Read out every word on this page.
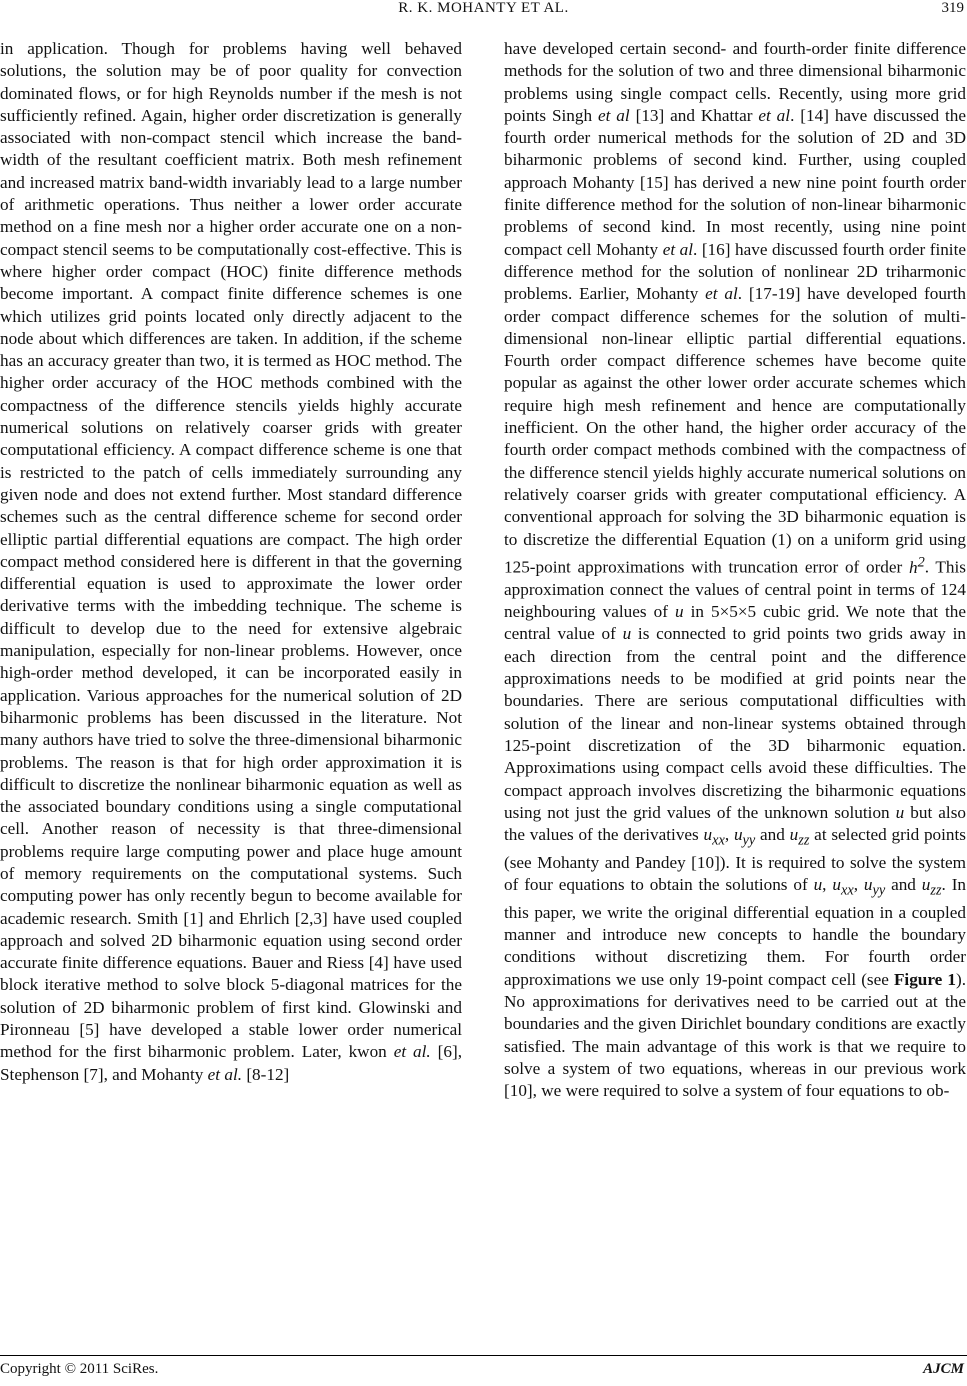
R. K. MOHANTY ET AL.	319

in application. Though for problems having well behaved solutions, the solution may be of poor quality for convection dominated flows, or for high Reynolds number if the mesh is not sufficiently refined. Again, higher order discretization is generally associated with non-compact stencil which increase the band-width of the resultant coefficient matrix. Both mesh refinement and increased matrix band-width invariably lead to a large number of arithmetic operations. Thus neither a lower order accurate method on a fine mesh nor a higher order accurate one on a non-compact stencil seems to be computationally cost-effective. This is where higher order compact (HOC) finite difference methods become important. A compact finite difference schemes is one which utilizes grid points located only directly adjacent to the node about which differences are taken. In addition, if the scheme has an accuracy greater than two, it is termed as HOC method. The higher order accuracy of the HOC methods combined with the compactness of the difference stencils yields highly accurate numerical solutions on relatively coarser grids with greater computational efficiency. A compact difference scheme is one that is restricted to the patch of cells immediately surrounding any given node and does not extend further. Most standard difference schemes such as the central difference scheme for second order elliptic partial differential equations are compact. The high order compact method considered here is different in that the governing differential equation is used to approximate the lower order derivative terms with the imbedding technique. The scheme is difficult to develop due to the need for extensive algebraic manipulation, especially for non-linear problems. However, once high-order method developed, it can be incorporated easily in application. Various approaches for the numerical solution of 2D biharmonic problems has been discussed in the literature. Not many authors have tried to solve the three-dimensional biharmonic problems. The reason is that for high order approximation it is difficult to discretize the nonlinear biharmonic equation as well as the associated boundary conditions using a single computational cell. Another reason of necessity is that three-dimensional problems require large computing power and place huge amount of memory requirements on the computational systems. Such computing power has only recently begun to become available for academic research. Smith [1] and Ehrlich [2,3] have used coupled approach and solved 2D biharmonic equation using second order accurate finite difference equations. Bauer and Riess [4] have used block iterative method to solve block 5-diagonal matrices for the solution of 2D biharmonic problem of first kind. Glowinski and Pironneau [5] have developed a stable lower order numerical method for the first biharmonic problem. Later, kwon et al. [6], Stephenson [7], and Mohanty et al. [8-12]

have developed certain second- and fourth-order finite difference methods for the solution of two and three dimensional biharmonic problems using single compact cells. Recently, using more grid points Singh et al [13] and Khattar et al. [14] have discussed the fourth order numerical methods for the solution of 2D and 3D biharmonic problems of second kind. Further, using coupled approach Mohanty [15] has derived a new nine point fourth order finite difference method for the solution of non-linear biharmonic problems of second kind. In most recently, using nine point compact cell Mohanty et al. [16] have discussed fourth order finite difference method for the solution of nonlinear 2D triharmonic problems. Earlier, Mohanty et al. [17-19] have developed fourth order compact difference schemes for the solution of multi-dimensional non-linear elliptic partial differential equations. Fourth order compact difference schemes have become quite popular as against the other lower order accurate schemes which require high mesh refinement and hence are computationally inefficient. On the other hand, the higher order accuracy of the fourth order compact methods combined with the compactness of the difference stencil yields highly accurate numerical solutions on relatively coarser grids with greater computational efficiency. A conventional approach for solving the 3D biharmonic equation is to discretize the differential Equation (1) on a uniform grid using 125-point approximations with truncation error of order $h^2$. This approximation connect the values of central point in terms of 124 neighbouring values of u in 5×5×5 cubic grid. We note that the central value of u is connected to grid points two grids away in each direction from the central point and the difference approximations needs to be modified at grid points near the boundaries. There are serious computational difficulties with solution of the linear and non-linear systems obtained through 125-point discretization of the 3D biharmonic equation. Approximations using compact cells avoid these difficulties. The compact approach involves discretizing the biharmonic equations using not just the grid values of the unknown solution u but also the values of the derivatives $u_{xx}$, $u_{yy}$ and $u_{zz}$ at selected grid points (see Mohanty and Pandey [10]). It is required to solve the system of four equations to obtain the solutions of u, $u_{xx}$, $u_{yy}$ and $u_{zz}$. In this paper, we write the original differential equation in a coupled manner and introduce new concepts to handle the boundary conditions without discretizing them. For fourth order approximations we use only 19-point compact cell (see Figure 1). No approximations for derivatives need to be carried out at the boundaries and the given Dirichlet boundary conditions are exactly satisfied. The main advantage of this work is that we require to solve a system of two equations, whereas in our previous work [10], we were required to solve a system of four equations to ob-

Copyright © 2011 SciRes.	AJCM
